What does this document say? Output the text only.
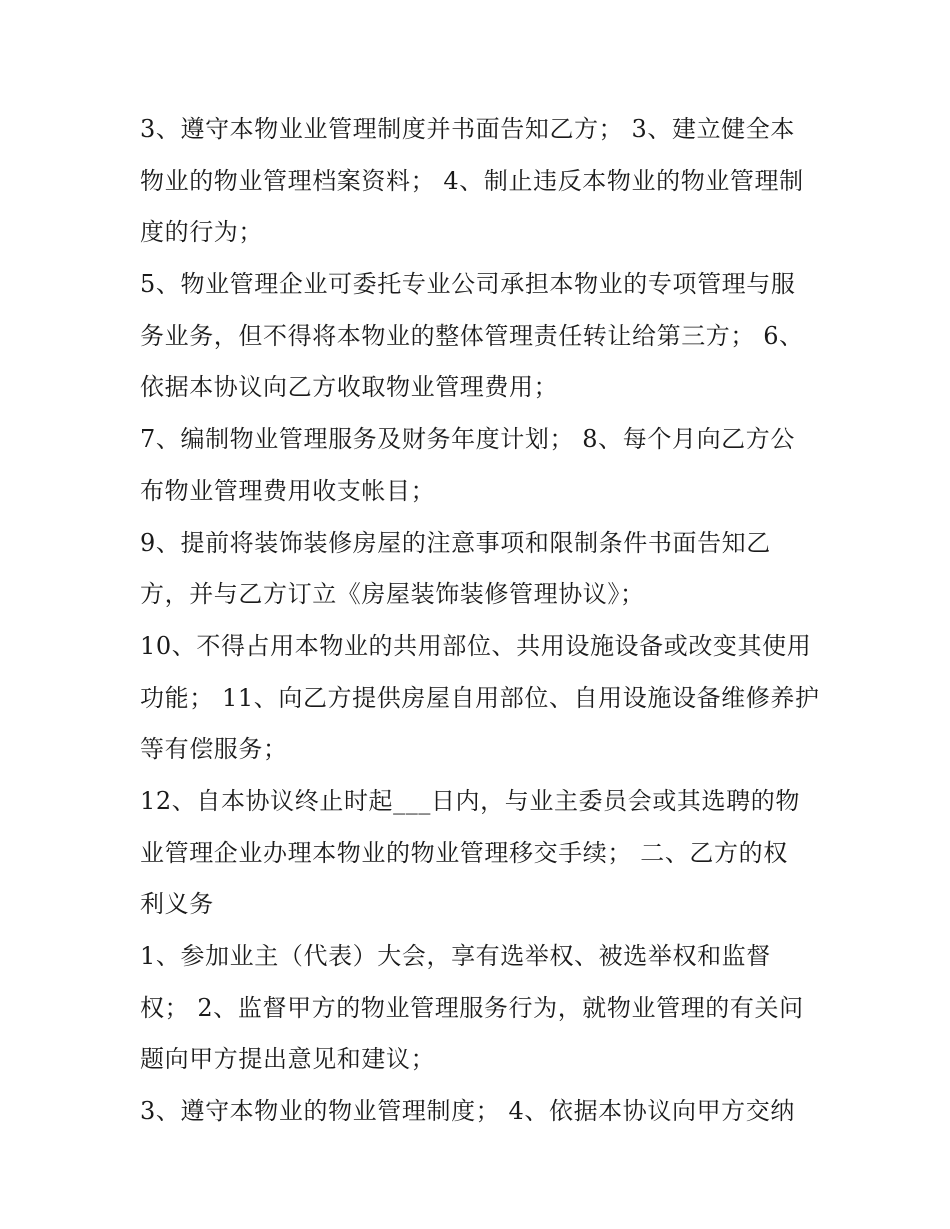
3、遵守本物业业管理制度并书面告知乙方； 3、建立健全本
物业的物业管理档案资料； 4、制止违反本物业的物业管理制
度的行为；
5、物业管理企业可委托专业公司承担本物业的专项管理与服
务业务，但不得将本物业的整体管理责任转让给第三方； 6、
依据本协议向乙方收取物业管理费用；
7、编制物业管理服务及财务年度计划； 8、每个月向乙方公
布物业管理费用收支帐目；
9、提前将装饰装修房屋的注意事项和限制条件书面告知乙
方，并与乙方订立《房屋装饰装修管理协议》；
10、不得占用本物业的共用部位、共用设施设备或改变其使用
功能； 11、向乙方提供房屋自用部位、自用设施设备维修养护
等有偿服务；
12、自本协议终止时起___日内，与业主委员会或其选聘的物
业管理企业办理本物业的物业管理移交手续； 二、乙方的权
利义务
1、参加业主（代表）大会，享有选举权、被选举权和监督
权； 2、监督甲方的物业管理服务行为，就物业管理的有关问
题向甲方提出意见和建议；
3、遵守本物业的物业管理制度； 4、依据本协议向甲方交纳
